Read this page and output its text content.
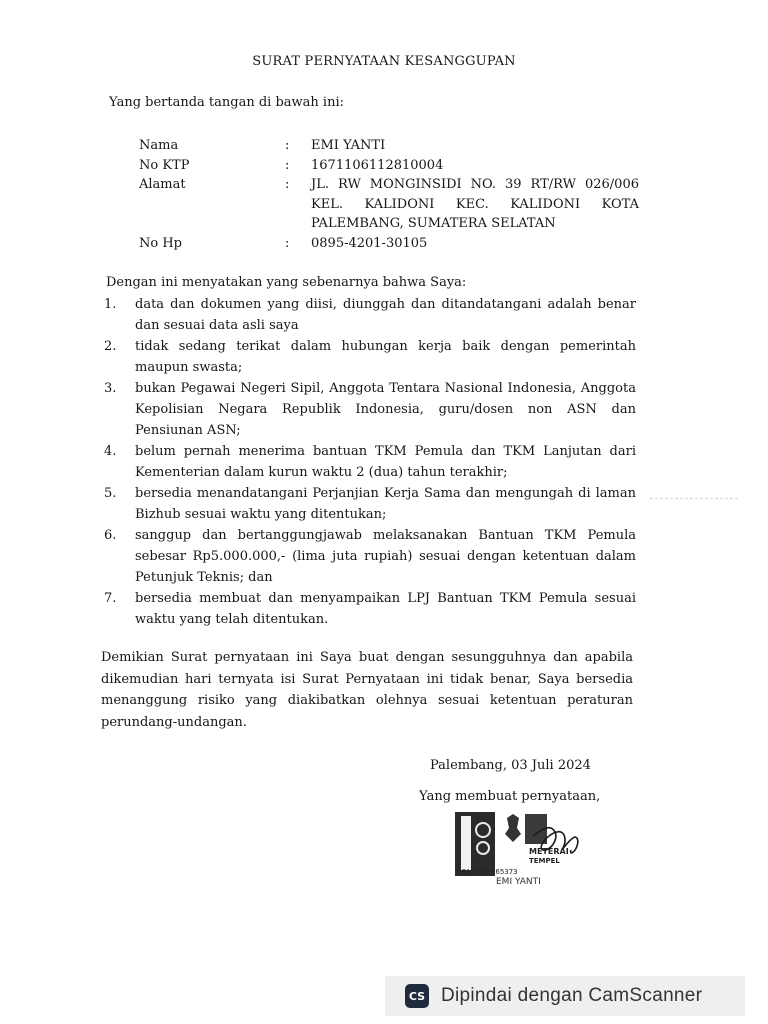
SURAT PERNYATAAN KESANGGUPAN
Yang bertanda tangan di bawah ini:
Nama	:	EMI YANTI
No KTP	:	1671106112810004
Alamat	:	JL. RW MONGINSIDI NO. 39 RT/RW 026/006
KEL. KALIDONI KEC. KALIDONI KOTA
PALEMBANG, SUMATERA SELATAN
No Hp	:	0895-4201-30105
Dengan ini menyatakan yang sebenarnya bahwa Saya:
1.	data dan dokumen yang diisi, diunggah dan ditandatangani adalah benar
dan sesuai data asli saya
2.	tidak sedang terikat dalam hubungan kerja baik dengan pemerintah
maupun swasta;
3.	bukan Pegawai Negeri Sipil, Anggota Tentara Nasional Indonesia, Anggota
Kepolisian Negara Republik Indonesia, guru/dosen non ASN dan
Pensiunan ASN;
4.	belum pernah menerima bantuan TKM Pemula dan TKM Lanjutan dari
Kementerian dalam kurun waktu 2 (dua) tahun terakhir;
5.	bersedia menandatangani Perjanjian Kerja Sama dan mengungah di laman
Bizhub sesuai waktu yang ditentukan;
6.	sanggup dan bertanggungjawab melaksanakan Bantuan TKM Pemula
sebesar Rp5.000.000,- (lima juta rupiah) sesuai dengan ketentuan dalam
Petunjuk Teknis; dan
7.	bersedia membuat dan menyampaikan LPJ Bantuan TKM Pemula sesuai
waktu yang telah ditentukan.
Demikian Surat pernyataan ini Saya buat dengan sesungguhnya dan apabila
dikemudian hari ternyata isi Surat Pernyataan ini tidak benar, Saya bersedia
menanggung risiko yang diakibatkan olehnya sesuai ketentuan peraturan
perundang-undangan.
Palembang, 03 Juli 2024
Yang membuat pernyataan,
METERAI
TEMPEL
96AJX385065373
EMI YANTI
CS Dipindai dengan CamScanner
